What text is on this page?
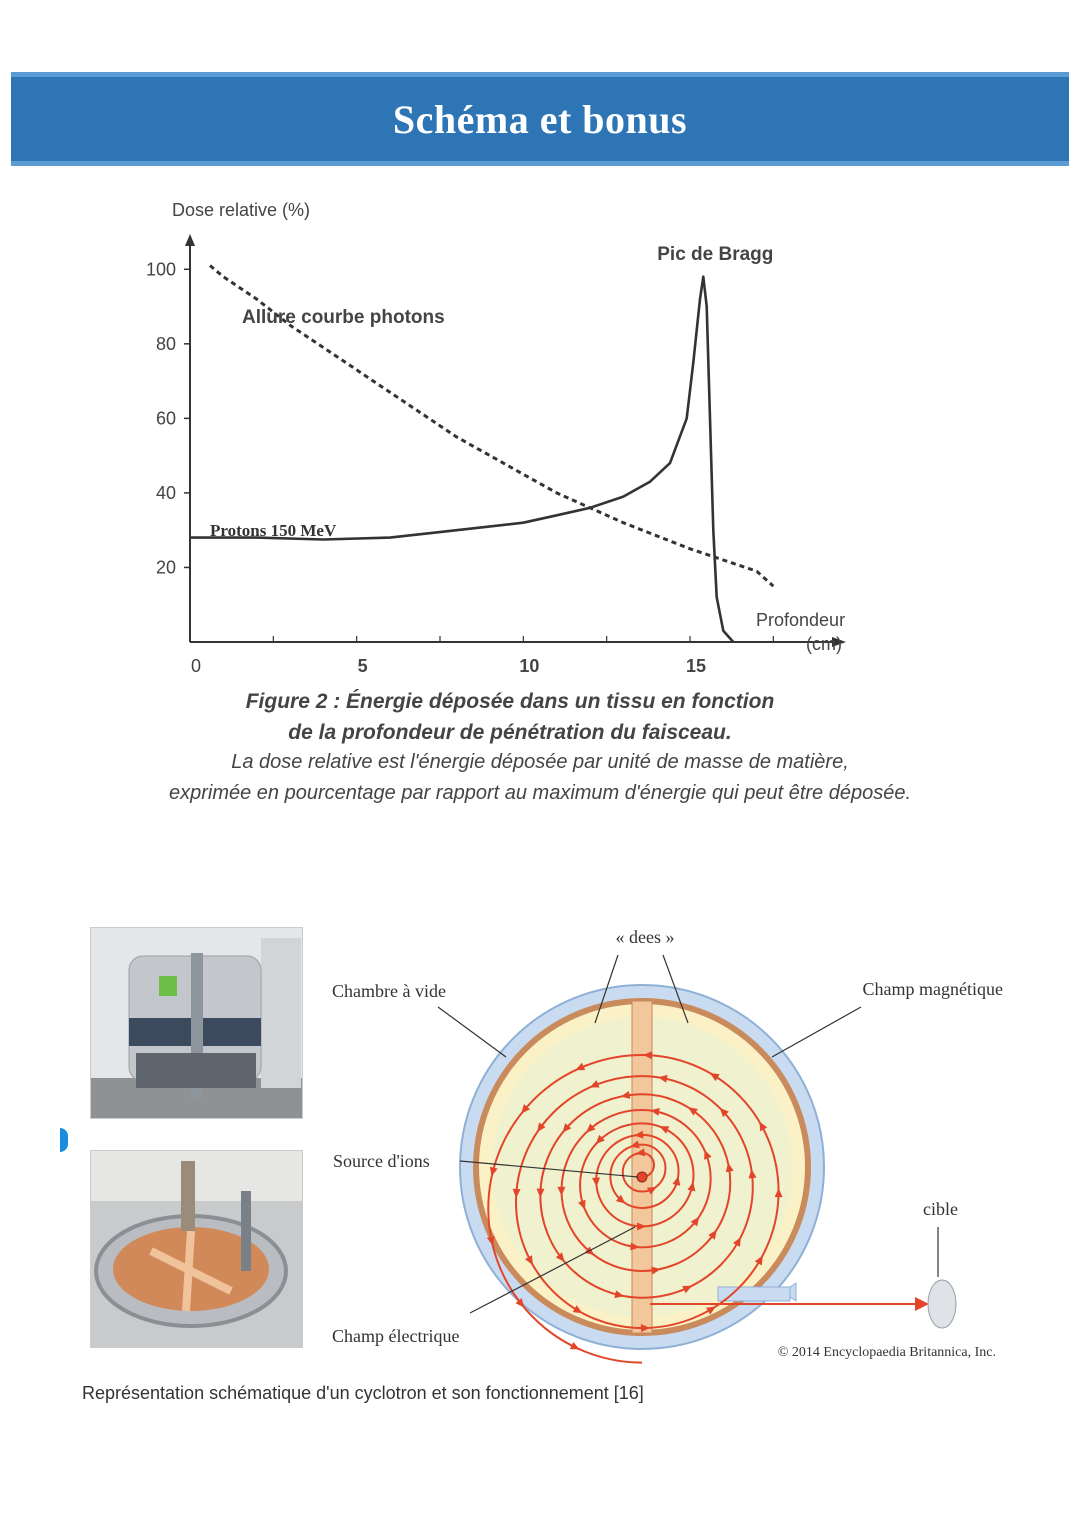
Schéma et bonus
20
40
60
80
100
0	5	10	15
Dose relative (%)
Profondeur
(cm)
Allure courbe photons
Protons 150 MeV
Pic de Bragg
Figure 2 : Énergie déposée dans un tissu en fonction
de la profondeur de pénétration du faisceau.
La dose relative est l'énergie déposée par unité de masse de matière,
exprimée en pourcentage par rapport au maximum d'énergie qui peut être déposée.
« dees »
Chambre à vide	Champ magnétique
Source d'ions
cible
Champ électrique
© 2014 Encyclopaedia Britannica, Inc.
Représentation schématique d'un cyclotron et son fonctionnement [16]
